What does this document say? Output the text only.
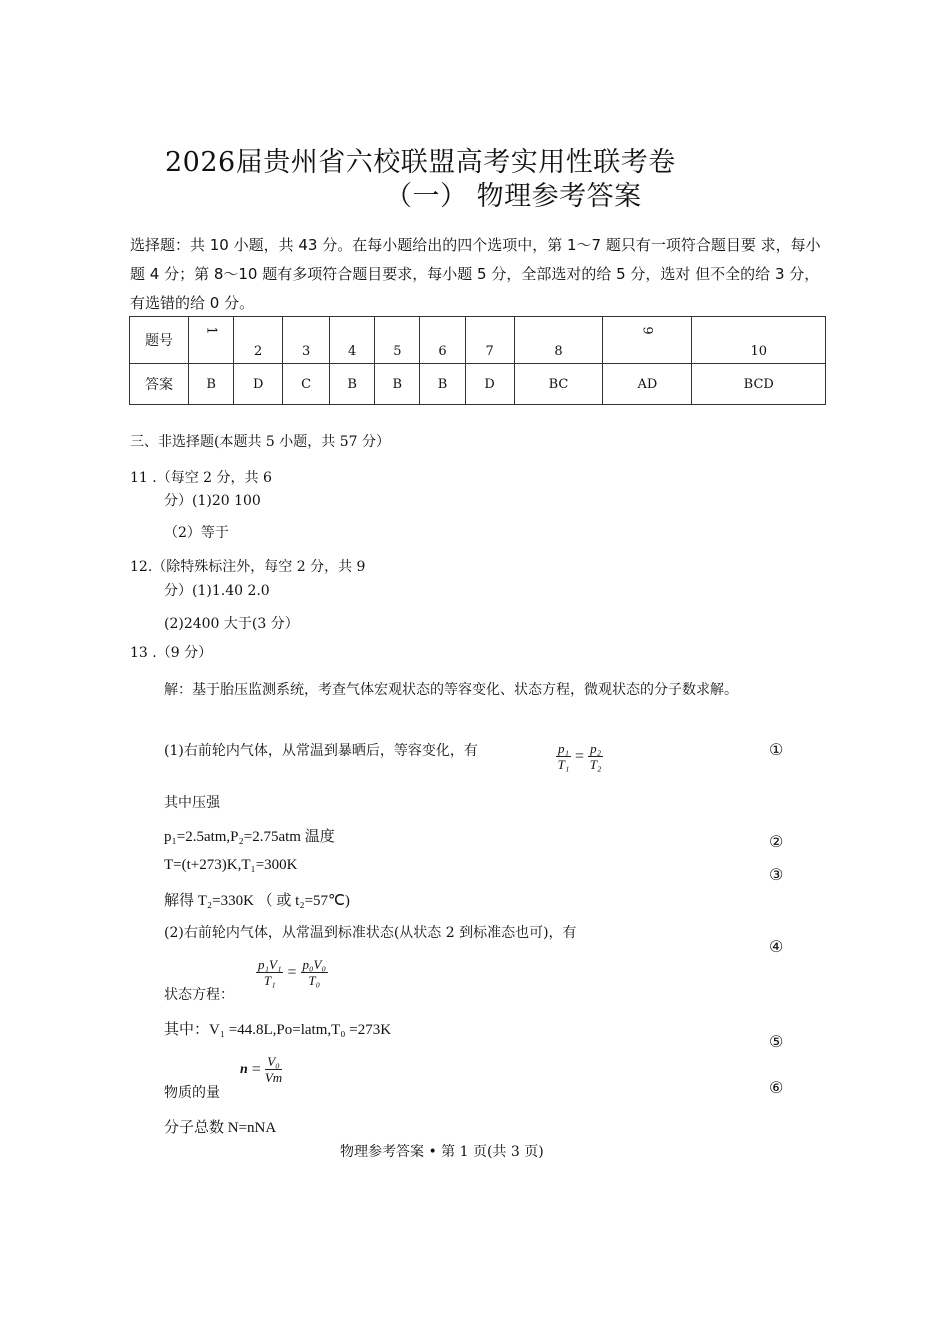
2026届贵州省六校联盟高考实用性联考卷
（一） 物理参考答案
选择题：共 10 小题，共 43 分。在每小题给出的四个选项中，第 1～7 题只有一项符合题目要 求，每小题 4 分；第 8～10 题有多项符合题目要求，每小题 5 分，全部选对的给 5 分，选对 但不全的给 3 分，有选错的给 0 分。
题号	1	2	3	4	5	6	7	8	9	10
答案	B	D	C	B	B	B	D	BC	AD	BCD
三、非选择题(本题共 5 小题，共 57 分）
11 .（每空 2 分，共 6
分）(1)20 100
（2）等于
12.（除特殊标注外，每空 2 分，共 9
分）(1)1.40 2.0
(2)2400 大于(3 分）
13 .（9 分）
解：基于胎压监测系统，考查气体宏观状态的等容变化、状态方程，微观状态的分子数求解。
(1)右前轮内气体，从常温到暴晒后，等容变化，有	$\frac{\text{p₁}}{\text{T₁}} = \frac{\text{p₂}}{\text{T₂}}$	①
其中压强
p₁=2.5atm,P₂=2.75atm 温度	②
T=(t+273)K,T₁=300K	③
解得 T₂=330K （ 或 t₂=57℃)
(2)右前轮内气体，从常温到标准状态(从状态 2 到标准态也可)，有
④
$\frac{\text{p₁V₁}}{\text{T₁}} = \frac{\text{p₀V₀}}{\text{T₀}}$
状态方程：
其中：V₁ =44.8L,Po=latm,T₀ =273K
⑤
$n = \frac{\text{V₀}}{Vm}$
物质的量	⑥
分子总数 N=nNA
物理参考答案 • 第 1 页(共 3 页)
